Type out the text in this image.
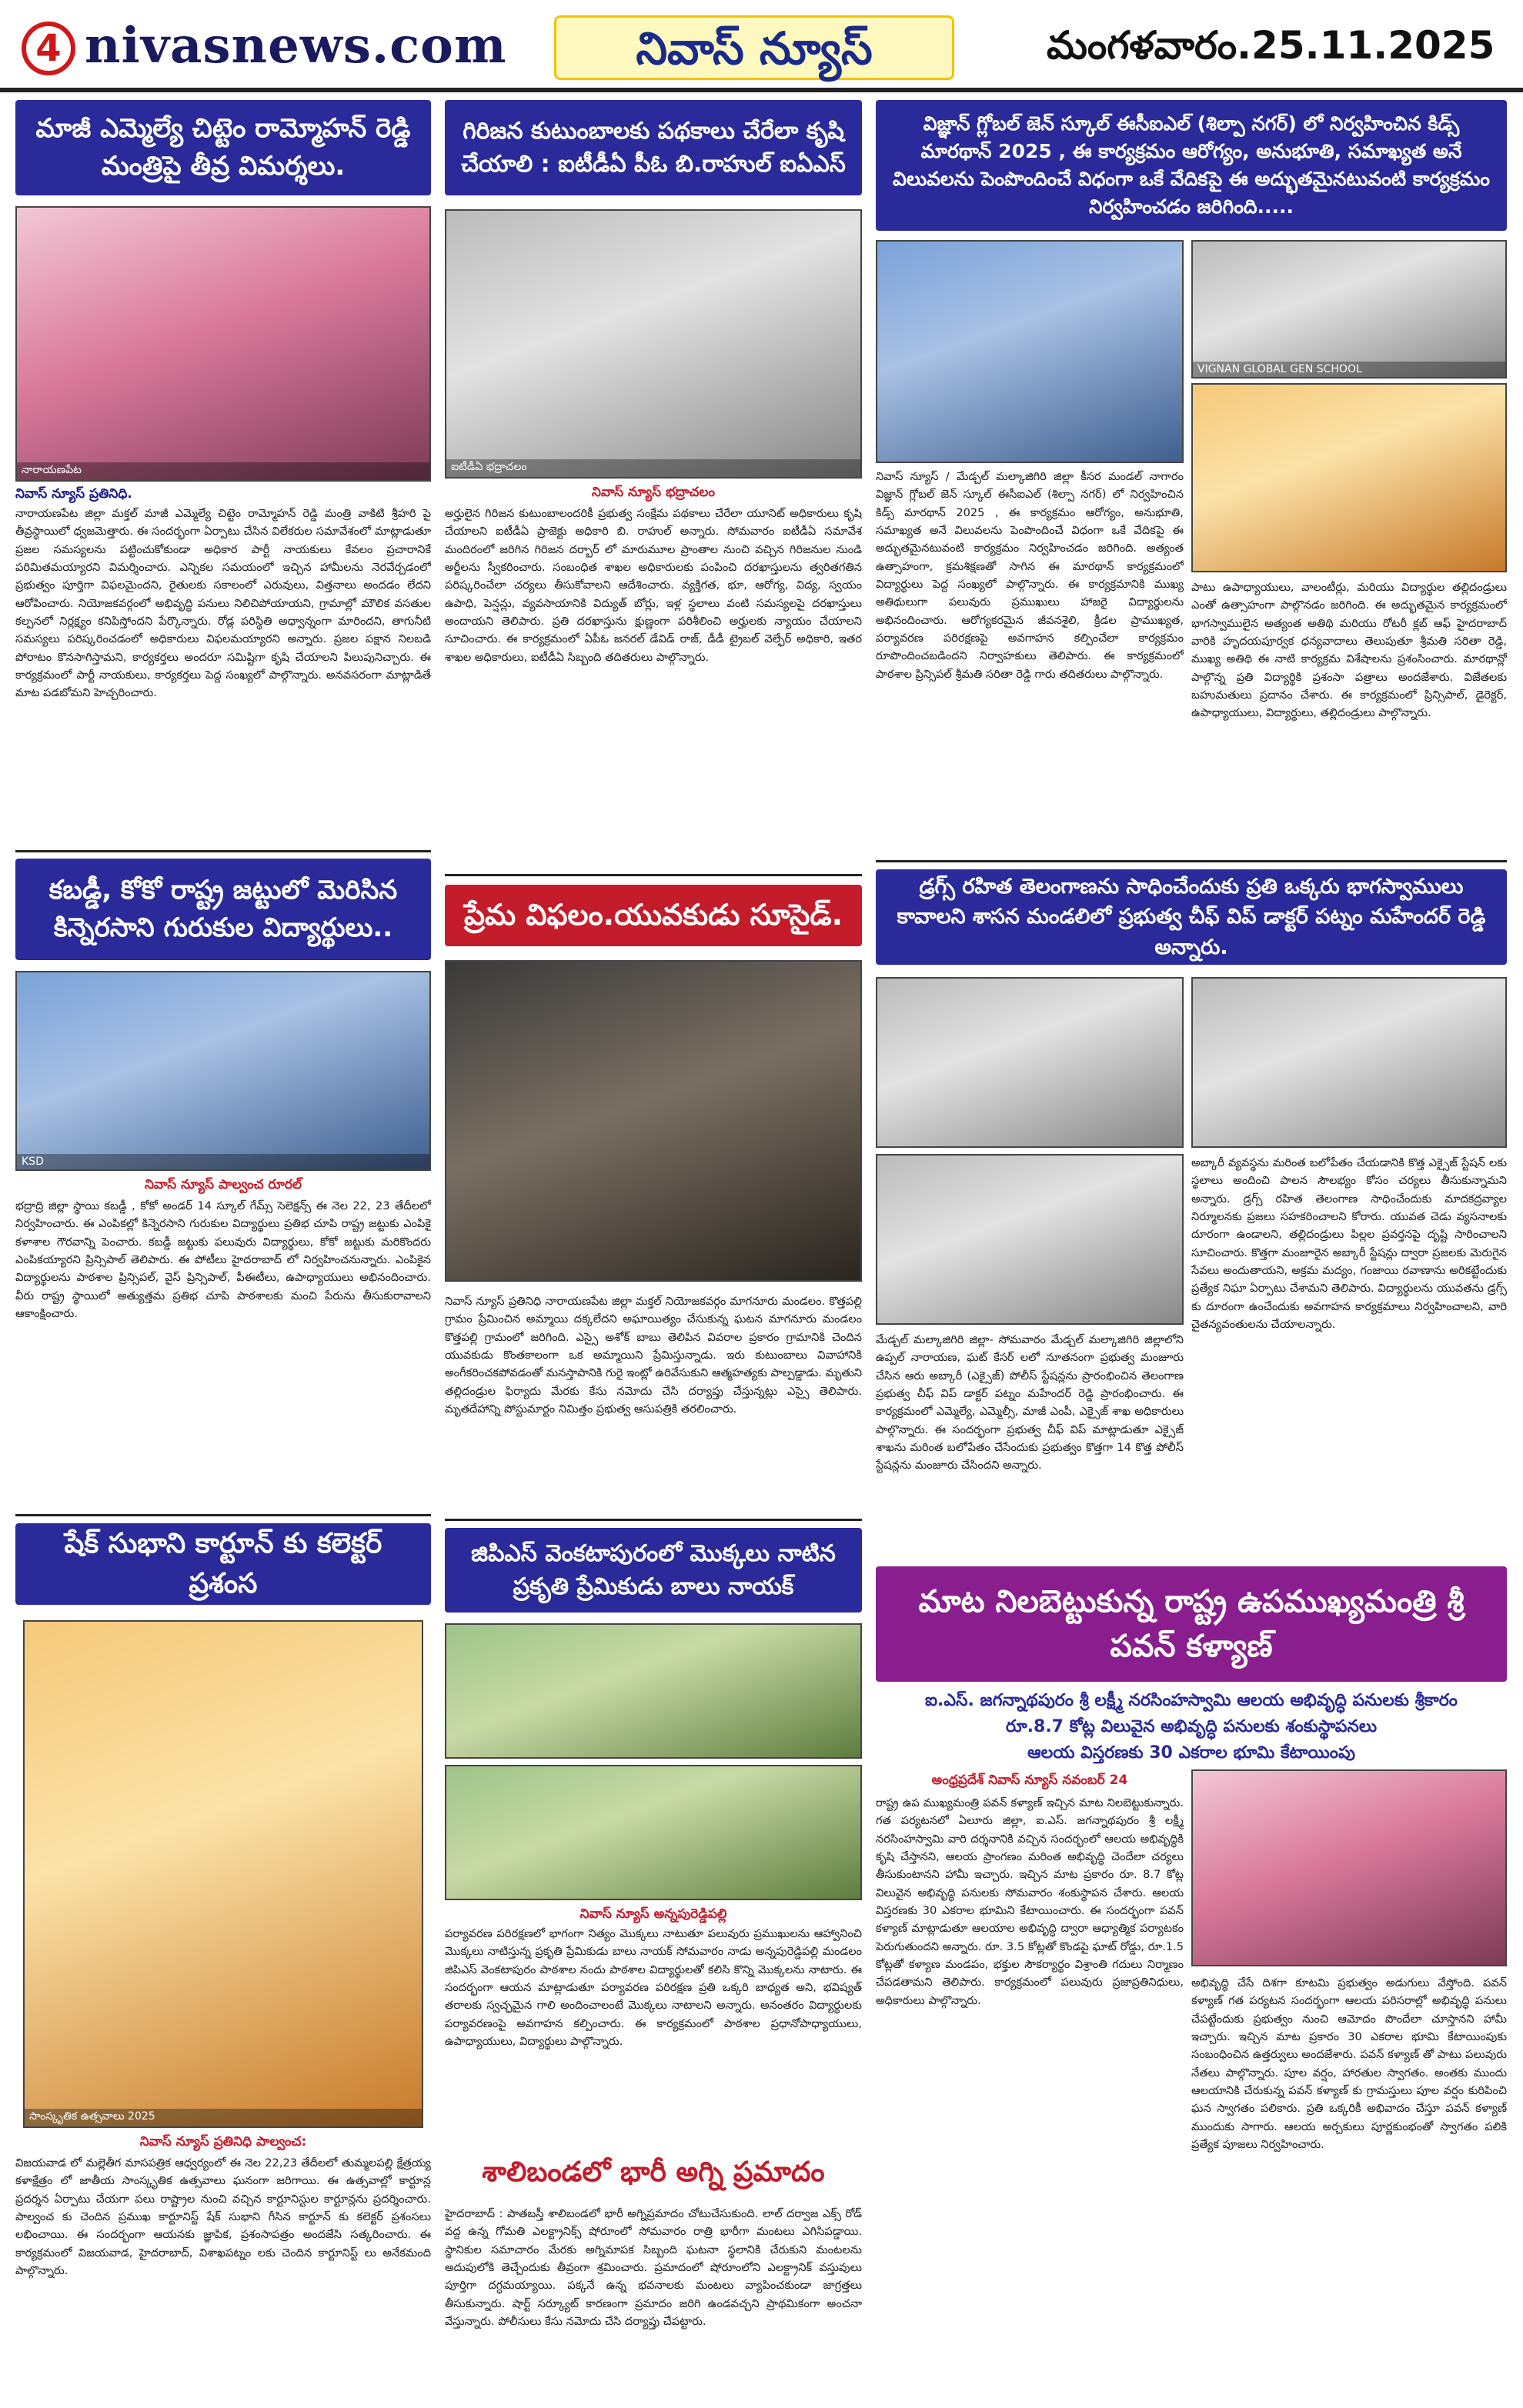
4 nivasnews.com	నివాస్ న్యూస్	మంగళవారం.25.11.2025
మాజీ ఎమ్మెల్యే చిట్టెం రామ్మోహన్ రెడ్డి మంత్రిపై తీవ్ర విమర్శలు.
నారాయణపేట
నివాస్ న్యూస్ ప్రతినిధి.
నారాయణపేట జిల్లా మక్తల్ మాజీ ఎమ్మెల్యే చిట్టెం రామ్మోహన్ రెడ్డి మంత్రి వాకిటి శ్రీహరి పై తీవ్రస్థాయిలో ధ్వజమెత్తారు. ఈ సందర్భంగా ఏర్పాటు చేసిన విలేకరుల సమావేశంలో మాట్లాడుతూ ప్రజల సమస్యలను పట్టించుకోకుండా అధికార పార్టీ నాయకులు కేవలం ప్రచారానికే పరిమితమయ్యారని విమర్శించారు. ఎన్నికల సమయంలో ఇచ్చిన హామీలను నెరవేర్చడంలో ప్రభుత్వం పూర్తిగా విఫలమైందని, రైతులకు సకాలంలో ఎరువులు, విత్తనాలు అందడం లేదని ఆరోపించారు. నియోజకవర్గంలో అభివృద్ధి పనులు నిలిచిపోయాయని, గ్రామాల్లో మౌలిక వసతుల కల్పనలో నిర్లక్ష్యం కనిపిస్తోందని పేర్కొన్నారు. రోడ్ల పరిస్థితి అధ్వాన్నంగా మారిందని, తాగునీటి సమస్యలు పరిష్కరించడంలో అధికారులు విఫలమయ్యారని అన్నారు. ప్రజల పక్షాన నిలబడి పోరాటం కొనసాగిస్తామని, కార్యకర్తలు అందరూ సమిష్టిగా కృషి చేయాలని పిలుపునిచ్చారు. ఈ కార్యక్రమంలో పార్టీ నాయకులు, కార్యకర్తలు పెద్ద సంఖ్యలో పాల్గొన్నారు. అనవసరంగా మాట్లాడితే మాట పడబోమని హెచ్చరించారు.
కబడ్డీ, కోకో రాష్ట్ర జట్టులో మెరిసిన కిన్నెరసాని గురుకుల విద్యార్థులు..
KSD
నివాస్ న్యూస్ పాల్వంచ రూరల్
భద్రాద్రి జిల్లా స్థాయి కబడ్డీ , కోకో అండర్ 14 స్కూల్ గేమ్స్ సెలెక్షన్స్ ఈ నెల 22, 23 తేదీలలో నిర్వహించారు. ఈ ఎంపికల్లో కిన్నెరసాని గురుకుల విద్యార్థులు ప్రతిభ చూపి రాష్ట్ర జట్టుకు ఎంపికై కళాశాల గౌరవాన్ని పెంచారు. కబడ్డీ జట్టుకు పలువురు విద్యార్థులు, కోకో జట్టుకు మరికొందరు ఎంపికయ్యారని ప్రిన్సిపాల్ తెలిపారు. ఈ పోటీలు హైదరాబాద్ లో నిర్వహించనున్నారు. ఎంపికైన విద్యార్థులను పాఠశాల ప్రిన్సిపల్, వైస్ ప్రిన్సిపాల్, పీఈటీలు, ఉపాధ్యాయులు అభినందించారు. వీరు రాష్ట్ర స్థాయిలో అత్యుత్తమ ప్రతిభ చూపి పాఠశాలకు మంచి పేరును తీసుకురావాలని ఆకాంక్షించారు.
షేక్ సుభాని కార్టూన్ కు కలెక్టర్ ప్రశంస
సాంస్కృతిక ఉత్సవాలు 2025
నివాస్ న్యూస్ ప్రతినిధి పాల్వంచ:
విజయవాడ లో మల్లెతీగ మాసపత్రిక ఆధ్వర్యంలో ఈ నెల 22,23 తేదీలలో తుమ్మలపల్లి క్షేత్రయ్య కళాక్షేత్రం లో జాతీయ సాంస్కృతిక ఉత్సవాలు ఘనంగా జరిగాయి. ఈ ఉత్సవాల్లో కార్టూన్ల ప్రదర్శన ఏర్పాటు చేయగా పలు రాష్ట్రాల నుంచి వచ్చిన కార్టూనిస్టుల కార్టూన్లను ప్రదర్శించారు. పాల్వంచ కు చెందిన ప్రముఖ కార్టూనిస్ట్ షేక్ సుభాని గీసిన కార్టూన్ కు కలెక్టర్ ప్రశంసలు లభించాయి. ఈ సందర్భంగా ఆయనకు జ్ఞాపిక, ప్రశంసాపత్రం అందజేసి సత్కరించారు. ఈ కార్యక్రమంలో విజయవాడ, హైదరాబాద్, విశాఖపట్నం లకు చెందిన కార్టూనిస్ట్ లు అనేకమంది పాల్గొన్నారు.
గిరిజన కుటుంబాలకు పథకాలు చేరేలా కృషి చేయాలి : ఐటీడీఏ పీఓ బి.రాహుల్ ఐఏఎస్
ఐటీడీఏ భద్రాచలం
నివాస్ న్యూస్ భద్రాచలం
అర్హులైన గిరిజన కుటుంబాలందరికీ ప్రభుత్వ సంక్షేమ పథకాలు చేరేలా యూనిట్ అధికారులు కృషి చేయాలని ఐటీడీఏ ప్రాజెక్టు అధికారి బి. రాహుల్ అన్నారు. సోమవారం ఐటీడీఏ సమావేశ మందిరంలో జరిగిన గిరిజన దర్బార్ లో మారుమూల ప్రాంతాల నుంచి వచ్చిన గిరిజనుల నుండి అర్జీలను స్వీకరించారు. సంబంధిత శాఖల అధికారులకు పంపించి దరఖాస్తులను త్వరితగతిన పరిష్కరించేలా చర్యలు తీసుకోవాలని ఆదేశించారు. వ్యక్తిగత, భూ, ఆరోగ్య, విద్య, స్వయం ఉపాధి, పెన్షన్లు, వ్యవసాయానికి విద్యుత్ బోర్లు, ఇళ్ల స్థలాలు వంటి సమస్యలపై దరఖాస్తులు అందాయని తెలిపారు. ప్రతి దరఖాస్తును క్షుణ్ణంగా పరిశీలించి అర్హులకు న్యాయం చేయాలని సూచించారు. ఈ కార్యక్రమంలో ఏపీఓ జనరల్ డేవిడ్ రాజ్, డీడీ ట్రైబల్ వెల్ఫేర్ అధికారి, ఇతర శాఖల అధికారులు, ఐటీడీఏ సిబ్బంది తదితరులు పాల్గొన్నారు.
ప్రేమ విఫలం.యువకుడు సూసైడ్.
నివాస్ న్యూస్ ప్రతినిధి నారాయణపేట జిల్లా మక్తల్ నియోజకవర్గం మాగనూరు మండలం. కొత్తపల్లి గ్రామం ప్రేమించిన అమ్మాయి దక్కలేదని అఘాయిత్యం చేసుకున్న ఘటన మాగనూరు మండలం కొత్తపల్లి గ్రామంలో జరిగింది. ఎస్సై అశోక్ బాబు తెలిపిన వివరాల ప్రకారం గ్రామానికి చెందిన యువకుడు కొంతకాలంగా ఒక అమ్మాయిని ప్రేమిస్తున్నాడు. ఇరు కుటుంబాలు వివాహానికి అంగీకరించకపోవడంతో మనస్తాపానికి గురై ఇంట్లో ఉరివేసుకుని ఆత్మహత్యకు పాల్పడ్డాడు. మృతుని తల్లిదండ్రుల ఫిర్యాదు మేరకు కేసు నమోదు చేసి దర్యాప్తు చేస్తున్నట్లు ఎస్సై తెలిపారు. మృతదేహాన్ని పోస్టుమార్టం నిమిత్తం ప్రభుత్వ ఆసుపత్రికి తరలించారు.
జిపిఎస్ వెంకటాపురంలో మొక్కలు నాటిన ప్రకృతి ప్రేమికుడు బాలు నాయక్
నివాస్ న్యూస్ అన్నపురెడ్డిపల్లి
పర్యావరణ పరిరక్షణలో భాగంగా నిత్యం మొక్కలు నాటుతూ పలువురు ప్రముఖులను ఆహ్వానించి మొక్కలు నాటిస్తున్న ప్రకృతి ప్రేమికుడు బాలు నాయక్ సోమవారం నాడు అన్నపురెడ్డిపల్లి మండలం జిపిఎస్ వెంకటాపురం పాఠశాల నందు పాఠశాల విద్యార్థులతో కలిసి కొన్ని మొక్కలను నాటారు. ఈ సందర్భంగా ఆయన మాట్లాడుతూ పర్యావరణ పరిరక్షణ ప్రతి ఒక్కరి బాధ్యత అని, భవిష్యత్ తరాలకు స్వచ్ఛమైన గాలి అందించాలంటే మొక్కలు నాటాలని అన్నారు. అనంతరం విద్యార్థులకు పర్యావరణంపై అవగాహన కల్పించారు. ఈ కార్యక్రమంలో పాఠశాల ప్రధానోపాధ్యాయులు, ఉపాధ్యాయులు, విద్యార్థులు పాల్గొన్నారు.
శాలిబండలో భారీ అగ్ని ప్రమాదం
హైదరాబాద్ : పాతబస్తీ శాలిబండలో భారీ అగ్నిప్రమాదం చోటుచేసుకుంది. లాల్ దర్వాజ ఎక్స్ రోడ్ వద్ద ఉన్న గోమతి ఎలక్ట్రానిక్స్ షోరూంలో సోమవారం రాత్రి భారీగా మంటలు ఎగిసిపడ్డాయి. స్థానికుల సమాచారం మేరకు అగ్నిమాపక సిబ్బంది ఘటనా స్థలానికి చేరుకుని మంటలను అదుపులోకి తెచ్చేందుకు తీవ్రంగా శ్రమించారు. ప్రమాదంలో షోరూంలోని ఎలక్ట్రానిక్ వస్తువులు పూర్తిగా దగ్ధమయ్యాయి. పక్కనే ఉన్న భవనాలకు మంటలు వ్యాపించకుండా జాగ్రత్తలు తీసుకున్నారు. షార్ట్ సర్క్యూట్ కారణంగా ప్రమాదం జరిగి ఉండవచ్చని ప్రాథమికంగా అంచనా వేస్తున్నారు. పోలీసులు కేసు నమోదు చేసి దర్యాప్తు చేపట్టారు.
విజ్ఞాన్ గ్లోబల్ జెన్ స్కూల్ ఈసీఐఎల్ (శిల్పా నగర్) లో నిర్వహించిన కిడ్స్ మారథాన్ 2025 , ఈ కార్యక్రమం ఆరోగ్యం, అనుభూతి, సమాఖ్యత అనే విలువలను పెంపొందించే విధంగా ఒకే వేదికపై ఈ అద్భుతమైనటువంటి కార్యక్రమం నిర్వహించడం జరిగింది.....
VIGNAN GLOBAL GEN SCHOOL
నివాస్ న్యూస్ / మేడ్చల్ మల్కాజిగిరి జిల్లా కీసర మండల్ నాగారం విజ్ఞాన్ గ్లోబల్ జెన్ స్కూల్ ఈసీఐఎల్ (శిల్పా నగర్) లో నిర్వహించిన కిడ్స్ మారథాన్ 2025 , ఈ కార్యక్రమం ఆరోగ్యం, అనుభూతి, సమాఖ్యత అనే విలువలను పెంపొందించే విధంగా ఒకే వేదికపై ఈ అద్భుతమైనటువంటి కార్యక్రమం నిర్వహించడం జరిగింది. అత్యంత ఉత్సాహంగా, క్రమశిక్షణతో సాగిన ఈ మారథాన్ కార్యక్రమంలో విద్యార్థులు పెద్ద సంఖ్యలో పాల్గొన్నారు. ఈ కార్యక్రమానికి ముఖ్య అతిథులుగా పలువురు ప్రముఖులు హాజరై విద్యార్థులను అభినందించారు. ఆరోగ్యకరమైన జీవనశైలి, క్రీడల ప్రాముఖ్యత, పర్యావరణ పరిరక్షణపై అవగాహన కల్పించేలా కార్యక్రమం రూపొందించబడిందని నిర్వాహకులు తెలిపారు. ఈ కార్యక్రమంలో పాఠశాల ప్రిన్సిపల్ శ్రీమతి సరితా రెడ్డి గారు తదితరులు పాల్గొన్నారు.
పాటు ఉపాధ్యాయులు, వాలంటీర్లు, మరియు విద్యార్థుల తల్లిదండ్రులు ఎంతో ఉత్సాహంగా పాల్గొనడం జరిగింది. ఈ అద్భుతమైన కార్యక్రమంలో భాగస్వాములైన అత్యంత అతిథి మరియు రోటరీ క్లబ్ ఆఫ్ హైదరాబాద్ వారికి హృదయపూర్వక ధన్యవాదాలు తెలుపుతూ శ్రీమతి సరితా రెడ్డి, ముఖ్య అతిథి ఈ నాటి కార్యక్రమ విశేషాలను ప్రశంసించారు. మారథాన్లో పాల్గొన్న ప్రతి విద్యార్థికి ప్రశంసా పత్రాలు అందజేశారు. విజేతలకు బహుమతులు ప్రదానం చేశారు. ఈ కార్యక్రమంలో ప్రిన్సిపాల్, డైరెక్టర్, ఉపాధ్యాయులు, విద్యార్థులు, తల్లిదండ్రులు పాల్గొన్నారు.
డ్రగ్స్ రహిత తెలంగాణను సాధించేందుకు ప్రతి ఒక్కరు భాగస్వాములు కావాలని శాసన మండలిలో ప్రభుత్వ చీఫ్ విప్ డాక్టర్ పట్నం మహేందర్ రెడ్డి అన్నారు.
మేడ్చల్ మల్కాజిగిరి జిల్లా- సోమవారం మేడ్చల్ మల్కాజిగిరి జిల్లాలోని ఉప్పల్ నారాయణ, ఘట్ కేసర్ లలో నూతనంగా ప్రభుత్వ మంజూరు చేసిన ఆరు అబ్కారీ (ఎక్సైజ్) పోలీస్ స్టేషన్లను ప్రారంభించిన తెలంగాణ ప్రభుత్వ చీఫ్ విప్ డాక్టర్ పట్నం మహేందర్ రెడ్డి ప్రారంభించారు. ఈ కార్యక్రమంలో ఎమ్మెల్యే, ఎమ్మెల్సీ, మాజీ ఎంపీ, ఎక్సైజ్ శాఖ అధికారులు పాల్గొన్నారు. ఈ సందర్భంగా ప్రభుత్వ చీఫ్ విప్ మాట్లాడుతూ ఎక్సైజ్ శాఖను మరింత బలోపేతం చేసేందుకు ప్రభుత్వం కొత్తగా 14 కొత్త పోలీస్ స్టేషన్లను మంజూరు చేసిందని అన్నారు.
అబ్కారీ వ్యవస్థను మరింత బలోపేతం చేయడానికి కొత్త ఎక్సైజ్ స్టేషన్ లకు స్థలాలు అందించి పాలన సౌలభ్యం కోసం చర్యలు తీసుకున్నామని అన్నారు. డ్రగ్స్ రహిత తెలంగాణ సాధించేందుకు మాదకద్రవ్యాల నిర్మూలనకు ప్రజలు సహకరించాలని కోరారు. యువత చెడు వ్యసనాలకు దూరంగా ఉండాలని, తల్లిదండ్రులు పిల్లల ప్రవర్తనపై దృష్టి సారించాలని సూచించారు. కొత్తగా మంజూరైన అబ్కారీ స్టేషన్లు ద్వారా ప్రజలకు మెరుగైన సేవలు అందుతాయని, అక్రమ మద్యం, గంజాయి రవాణాను అరికట్టేందుకు ప్రత్యేక నిఘా ఏర్పాటు చేశామని తెలిపారు. విద్యార్థులను యువతను డ్రగ్స్ కు దూరంగా ఉంచేందుకు అవగాహన కార్యక్రమాలు నిర్వహించాలని, వారి చైతన్యవంతులను చేయాలన్నారు.
మాట నిలబెట్టుకున్న రాష్ట్ర ఉపముఖ్యమంత్రి శ్రీ పవన్ కళ్యాణ్
ఐ.ఎస్. జగన్నాథపురం శ్రీ లక్ష్మీ నరసింహస్వామి ఆలయ అభివృద్ధి పనులకు శ్రీకారం
రూ.8.7 కోట్ల విలువైన అభివృద్ధి పనులకు శంకుస్థాపనలు
ఆలయ విస్తరణకు 30 ఎకరాల భూమి కేటాయింపు
అంధ్రప్రదేశ్ నివాస్ న్యూస్ నవంబర్ 24
రాష్ట్ర ఉప ముఖ్యమంత్రి పవన్ కళ్యాణ్ ఇచ్చిన మాట నిలబెట్టుకున్నారు. గత పర్యటనలో ఏలూరు జిల్లా, ఐ.ఎస్. జగన్నాథపురం శ్రీ లక్ష్మీ నరసింహస్వామి వారి దర్శనానికి వచ్చిన సందర్భంలో ఆలయ అభివృద్ధికి కృషి చేస్తానని, ఆలయ ప్రాంగణం మరింత అభివృద్ధి చెందేలా చర్యలు తీసుకుంటానని హామీ ఇచ్చారు. ఇచ్చిన మాట ప్రకారం రూ. 8.7 కోట్ల విలువైన అభివృద్ధి పనులకు సోమవారం శంకుస్థాపన చేశారు. ఆలయ విస్తరణకు 30 ఎకరాల భూమిని కేటాయించారు. ఈ సందర్భంగా పవన్ కళ్యాణ్ మాట్లాడుతూ ఆలయాల అభివృద్ధి ద్వారా ఆధ్యాత్మిక పర్యాటకం పెరుగుతుందని అన్నారు. రూ. 3.5 కోట్లతో కొండపై ఘాట్ రోడ్డు, రూ.1.5 కోట్లతో కళ్యాణ మండపం, భక్తుల సౌకర్యార్థం విశ్రాంతి గదులు నిర్మాణం చేపడతామని తెలిపారు. కార్యక్రమంలో పలువురు ప్రజాప్రతినిధులు, అధికారులు పాల్గొన్నారు.
అభివృద్ధి చేసే దిశగా కూటమి ప్రభుత్వం అడుగులు వేస్తోంది. పవన్ కళ్యాణ్ గత పర్యటన సందర్భంగా ఆలయ పరిసరాల్లో అభివృద్ధి పనులు చేపట్టేందుకు ప్రభుత్వం నుంచి ఆమోదం పొందేలా చూస్తానని హామీ ఇచ్చారు. ఇచ్చిన మాట ప్రకారం 30 ఎకరాల భూమి కేటాయింపుకు సంబంధించిన ఉత్తర్వులు అందజేశారు. పవన్ కళ్యాణ్ తో పాటు పలువురు నేతలు పాల్గొన్నారు. పూల వర్షం, హారతుల స్వాగతం. అంతకు ముందు ఆలయానికి చేరుకున్న పవన్ కళ్యాణ్ కు గ్రామస్తులు పూల వర్షం కురిపించి ఘన స్వాగతం పలికారు. ప్రతి ఒక్కరికీ అభివాదం చేస్తూ పవన్ కళ్యాణ్ ముందుకు సాగారు. ఆలయ అర్చకులు పూర్ణకుంభంతో స్వాగతం పలికి ప్రత్యేక పూజలు నిర్వహించారు.
